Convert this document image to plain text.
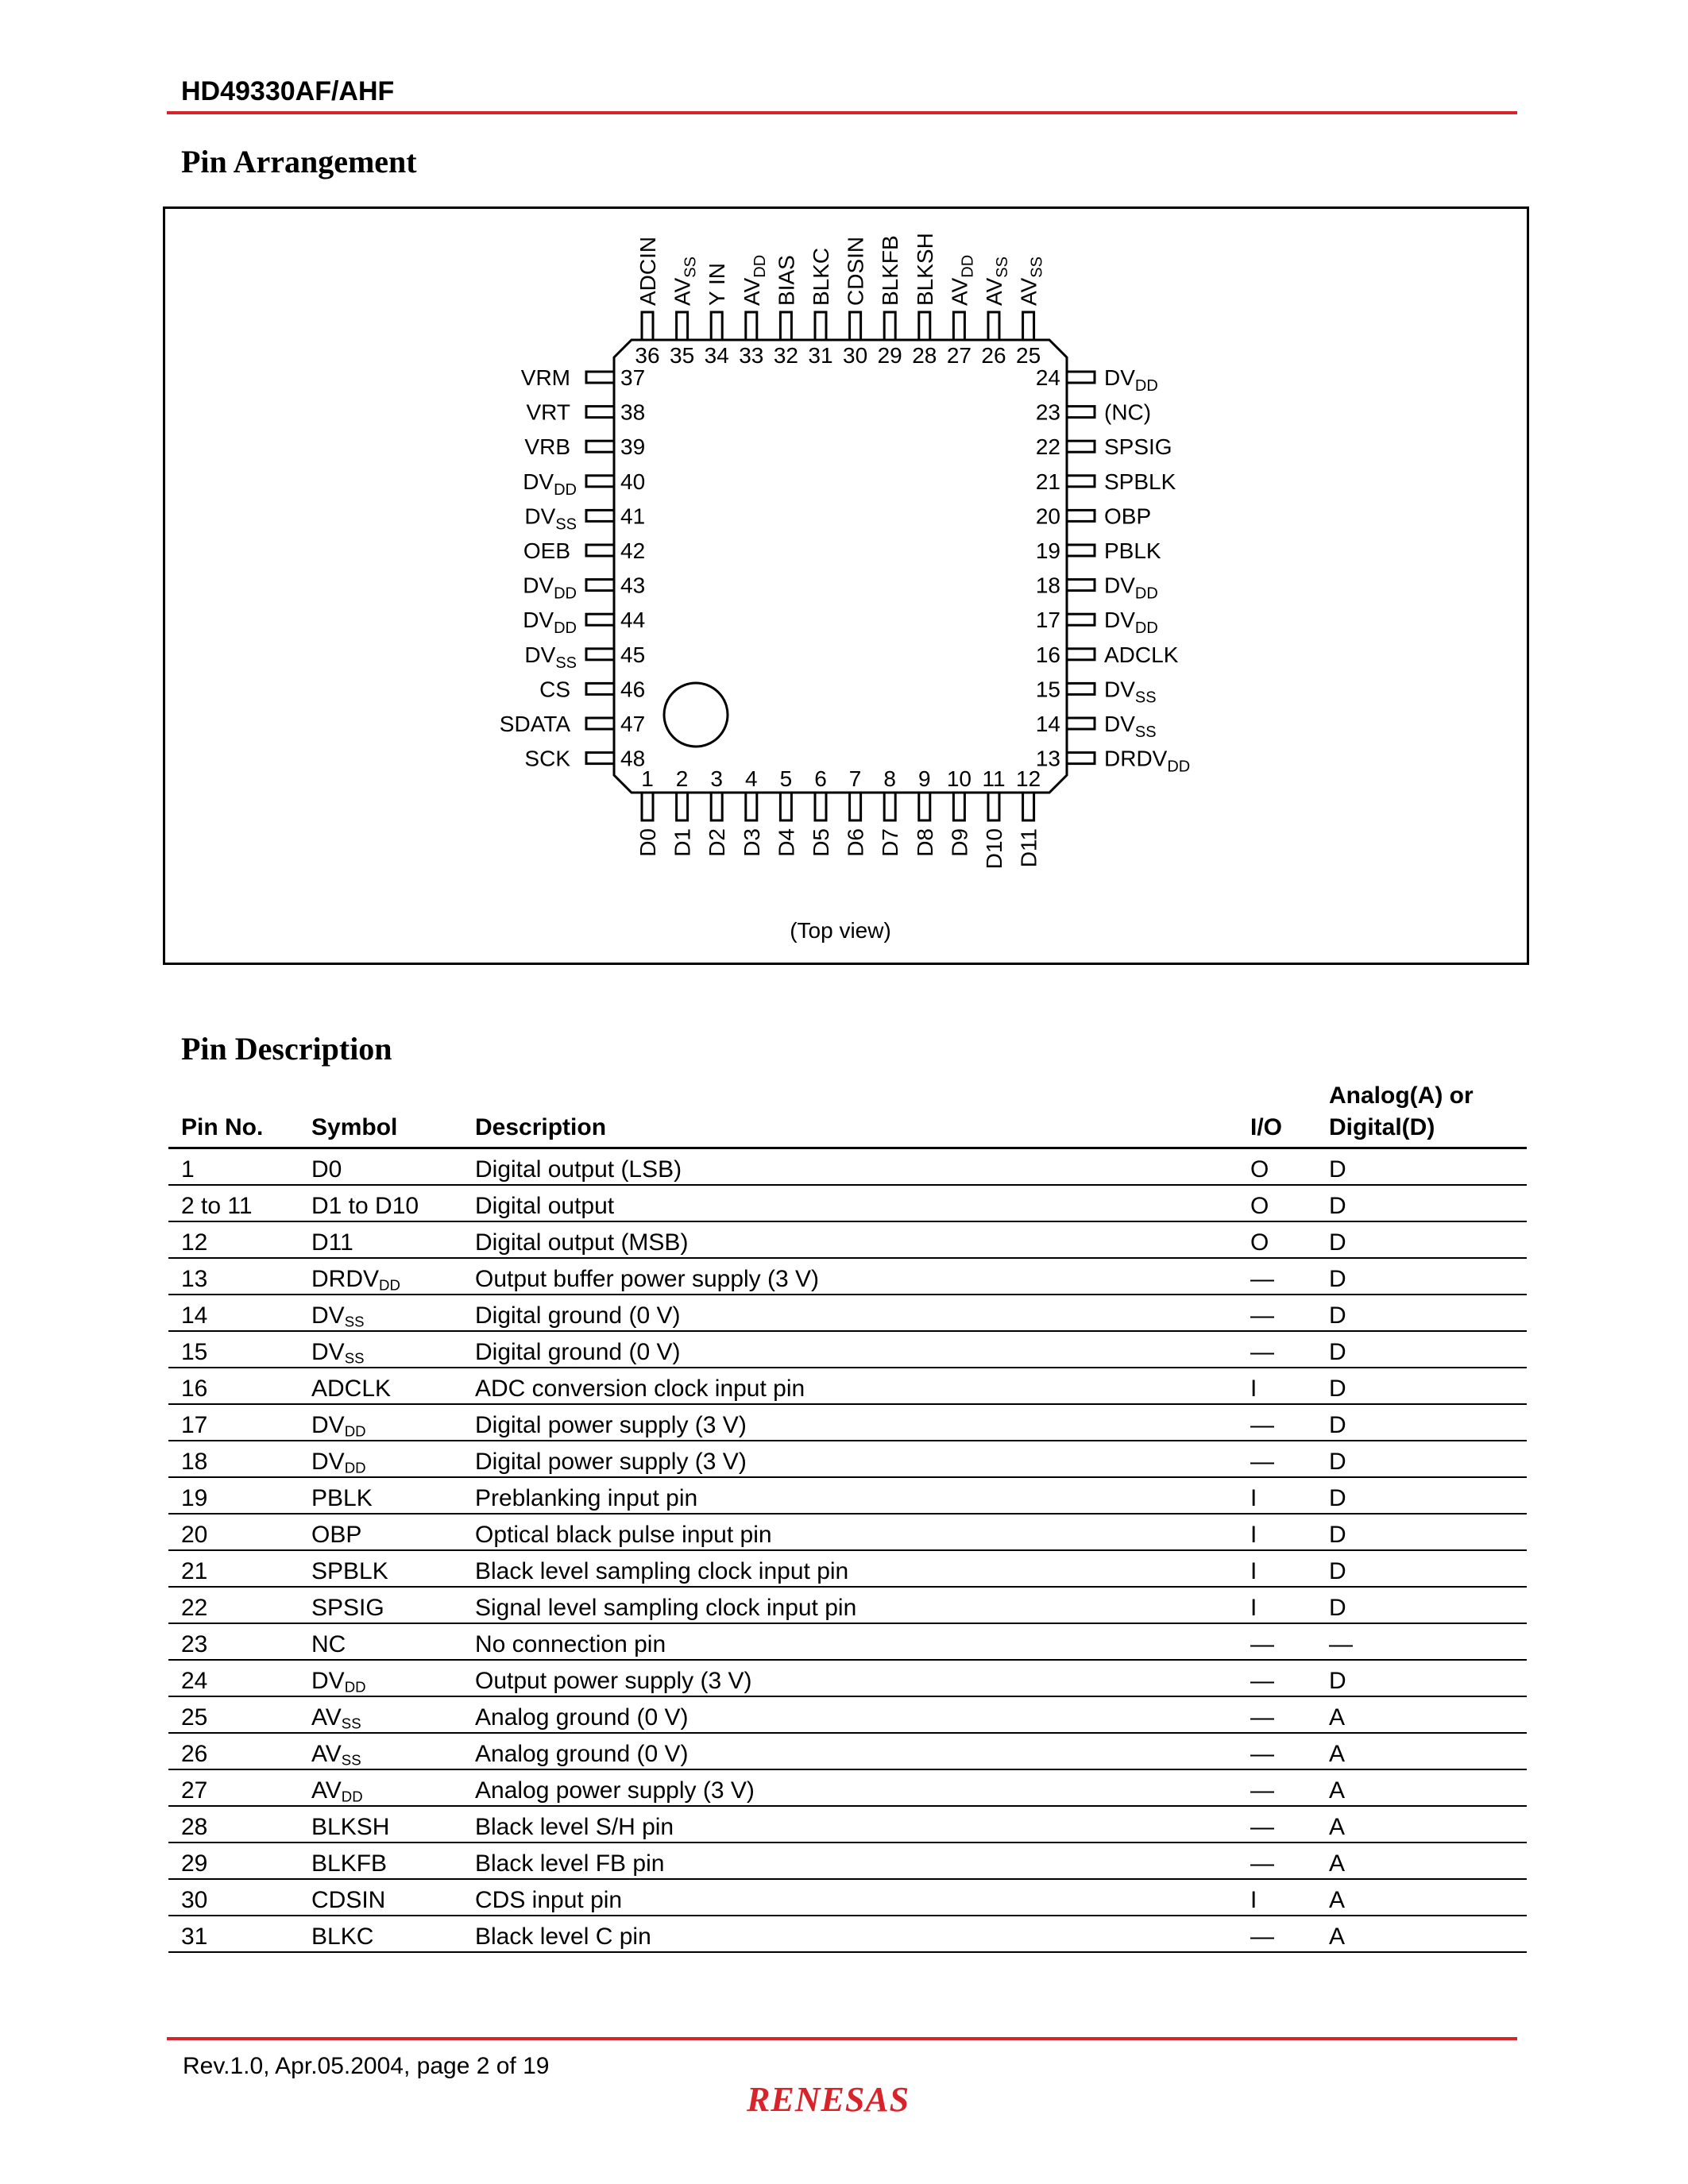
HD49330AF/AHF
Pin Arrangement
36
ADCIN
35
$AV_{SS}$
34
Y IN
33
$AV_{DD}$
32
BIAS
31
BLKC
30
CDSIN
29
BLKFB
28
BLKSH
27
$AV_{DD}$
26
$AV_{SS}$
25
$AV_{SS}$
1
D0
2
D1
3
D2
4
D3
5
D4
6
D5
7
D6
8
D7
9
D8
10
D9
11
D10
12
D11
37
VRM
38
VRT
39
VRB
40
$DV_{DD}$
41
$DV_{SS}$
42
OEB
43
$DV_{DD}$
44
$DV_{DD}$
45
$DV_{SS}$
46
CS
47
SDATA
48
SCK
24 $DV_{DD}$
23 (NC)
22 SPSIG
21 SPBLK
20 OBP
19 PBLK
18 $DV_{DD}$
17 $DV_{DD}$
16 ADCLK
15 $DV_{SS}$
14 $DV_{SS}$
13 $DRDV_{DD}$
(Top view)
Pin Description
Pin No.	Symbol	Description	I/O	Analog(A) or
Digital(D)
1	D0	Digital output (LSB)	O	D
2 to 11	D1 to D10	Digital output	O	D
12	D11	Digital output (MSB)	O	D
13	$DRDV_{DD}$	Output buffer power supply (3 V)	—	D
14	$DV_{SS}$	Digital ground (0 V)	—	D
15	$DV_{SS}$	Digital ground (0 V)	—	D
16	ADCLK	ADC conversion clock input pin	I	D
17	$DV_{DD}$	Digital power supply (3 V)	—	D
18	$DV_{DD}$	Digital power supply (3 V)	—	D
19	PBLK	Preblanking input pin	I	D
20	OBP	Optical black pulse input pin	I	D
21	SPBLK	Black level sampling clock input pin	I	D
22	SPSIG	Signal level sampling clock input pin	I	D
23	NC	No connection pin	—	—
24	$DV_{DD}$	Output power supply (3 V)	—	D
25	$AV_{SS}$	Analog ground (0 V)	—	A
26	$AV_{SS}$	Analog ground (0 V)	—	A
27	$AV_{DD}$	Analog power supply (3 V)	—	A
28	BLKSH	Black level S/H pin	—	A
29	BLKFB	Black level FB pin	—	A
30	CDSIN	CDS input pin	I	A
31	BLKC	Black level C pin	—	A
Rev.1.0, Apr.05.2004, page 2 of 19
RENESAS
